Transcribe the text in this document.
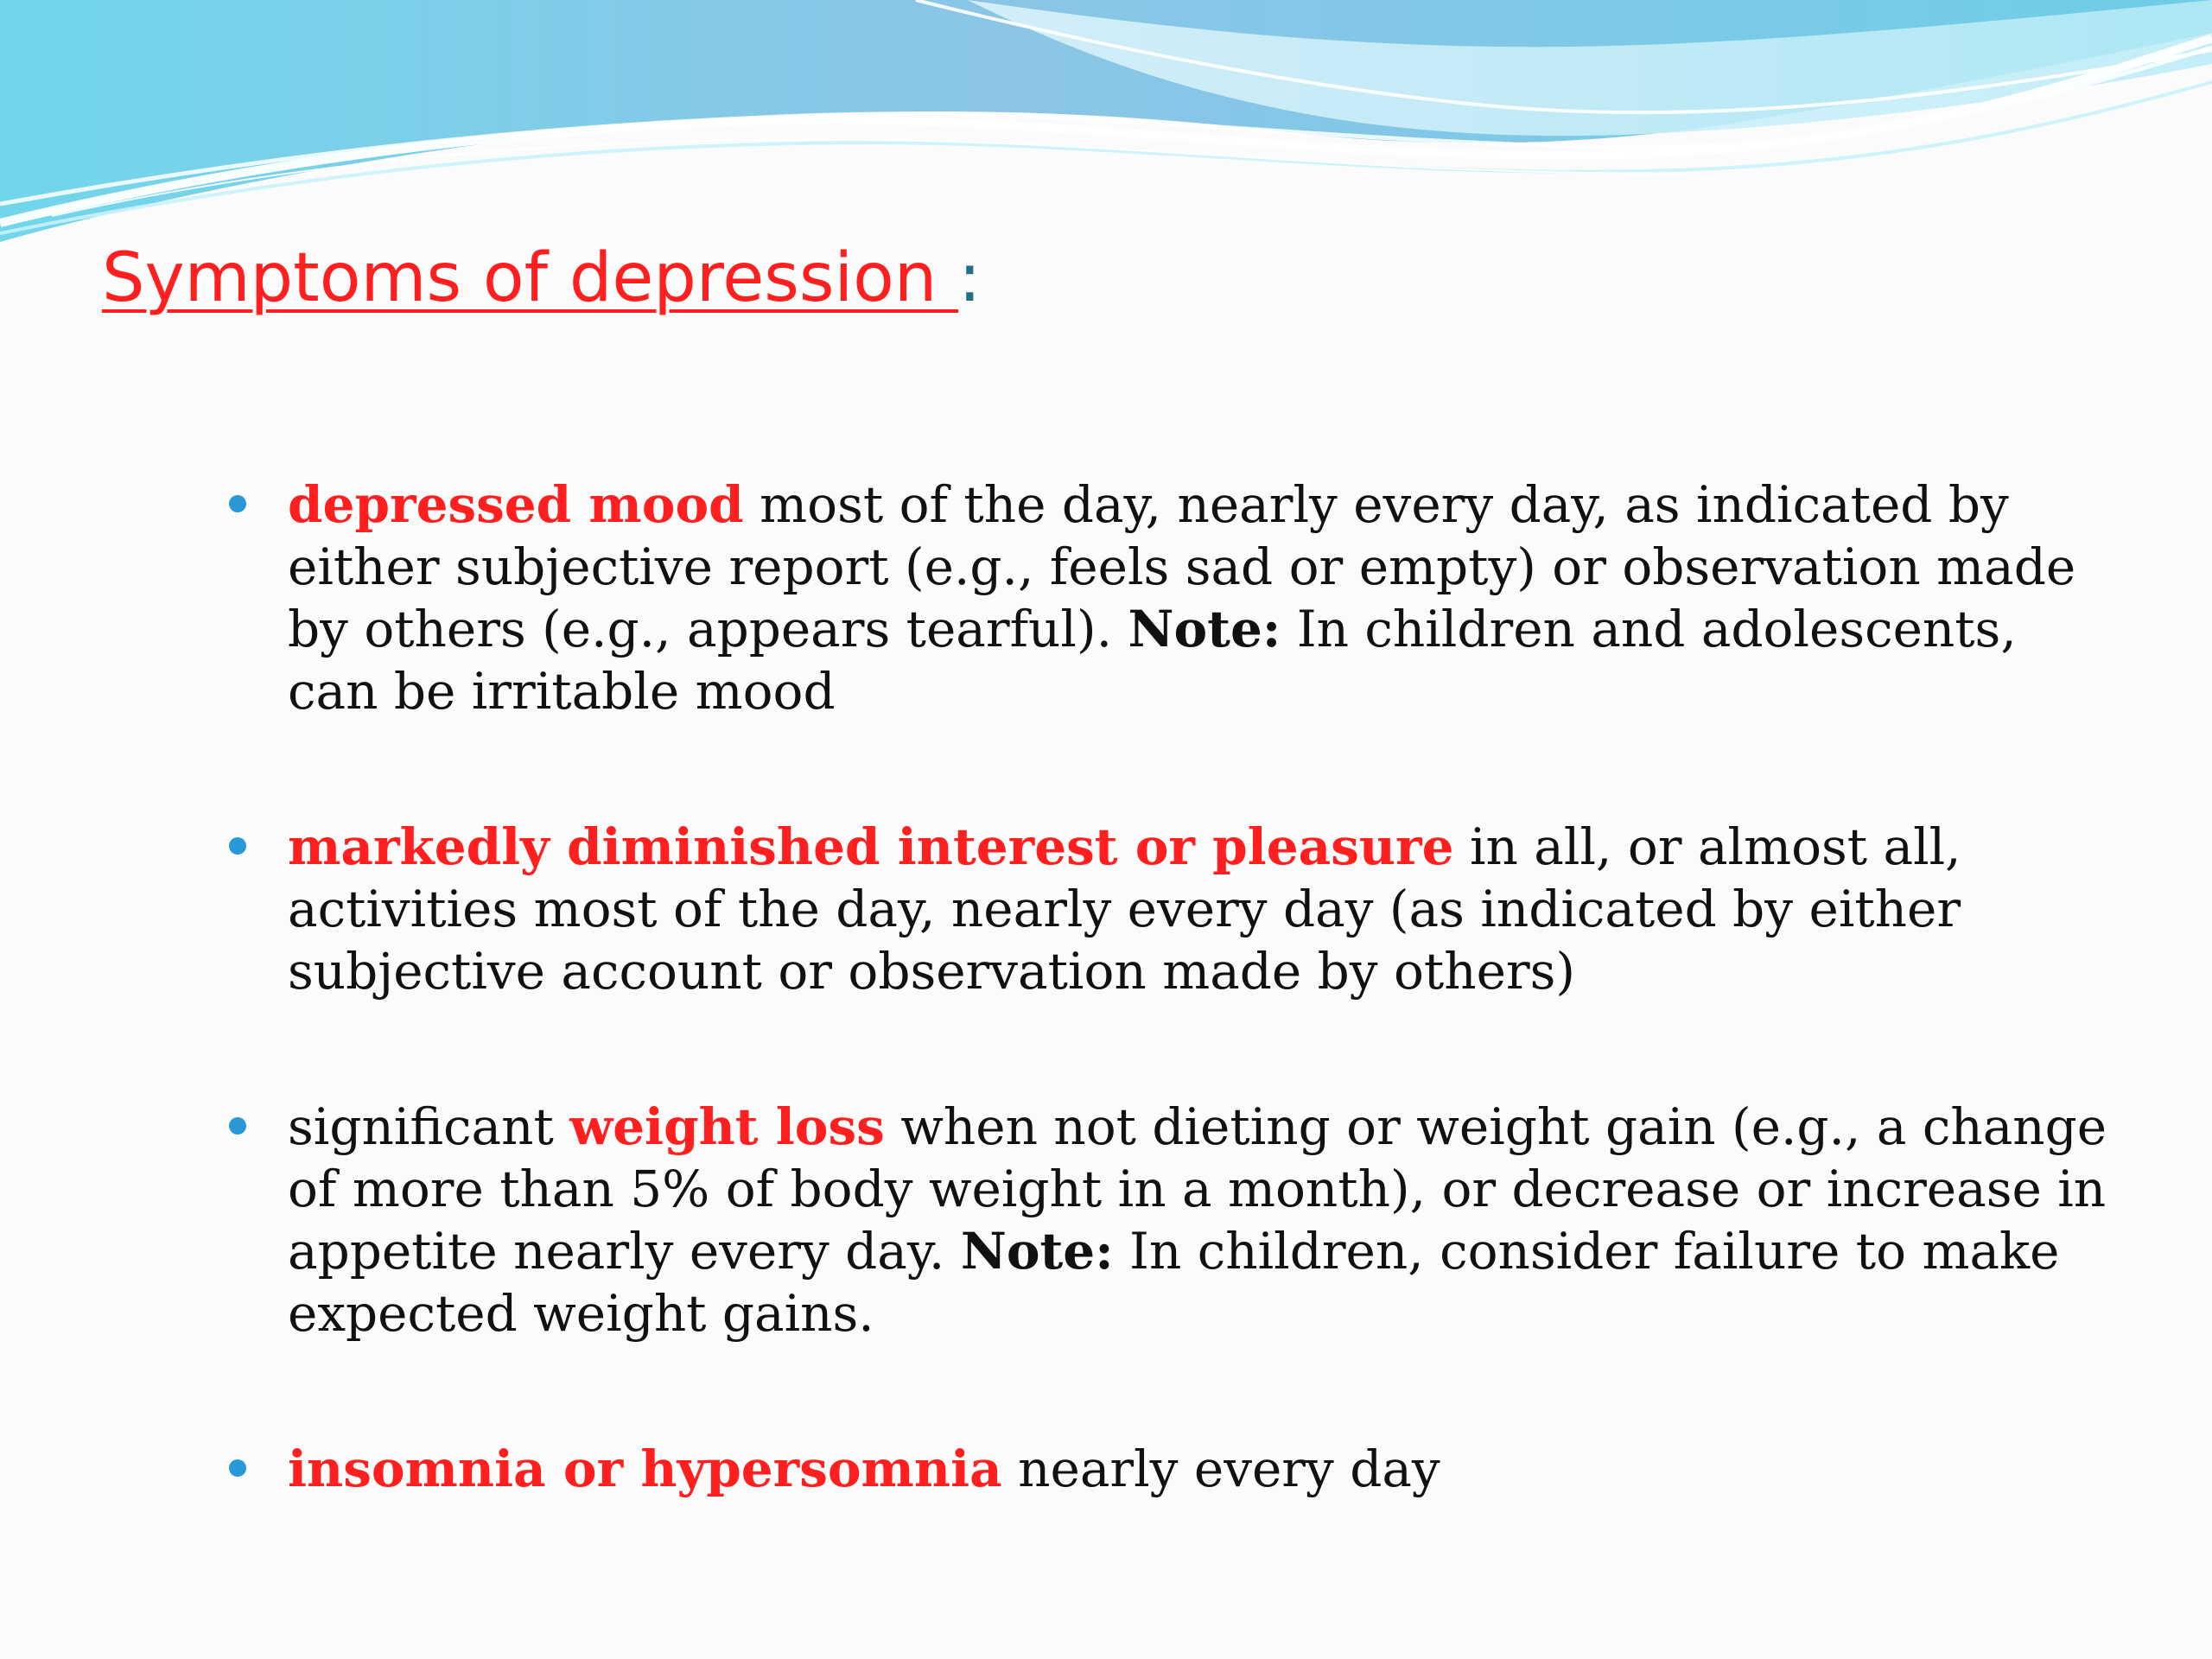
Symptoms of depression :
depressed mood most of the day, nearly every day, as indicated by either subjective report (e.g., feels sad or empty) or observation made by others (e.g., appears tearful). Note: In children and adolescents, can be irritable mood
markedly diminished interest or pleasure in all, or almost all, activities most of the day, nearly every day (as indicated by either subjective account or observation made by others)
significant weight loss when not dieting or weight gain (e.g., a change of more than 5% of body weight in a month), or decrease or increase in appetite nearly every day. Note: In children, consider failure to make expected weight gains.
insomnia or hypersomnia nearly every day
